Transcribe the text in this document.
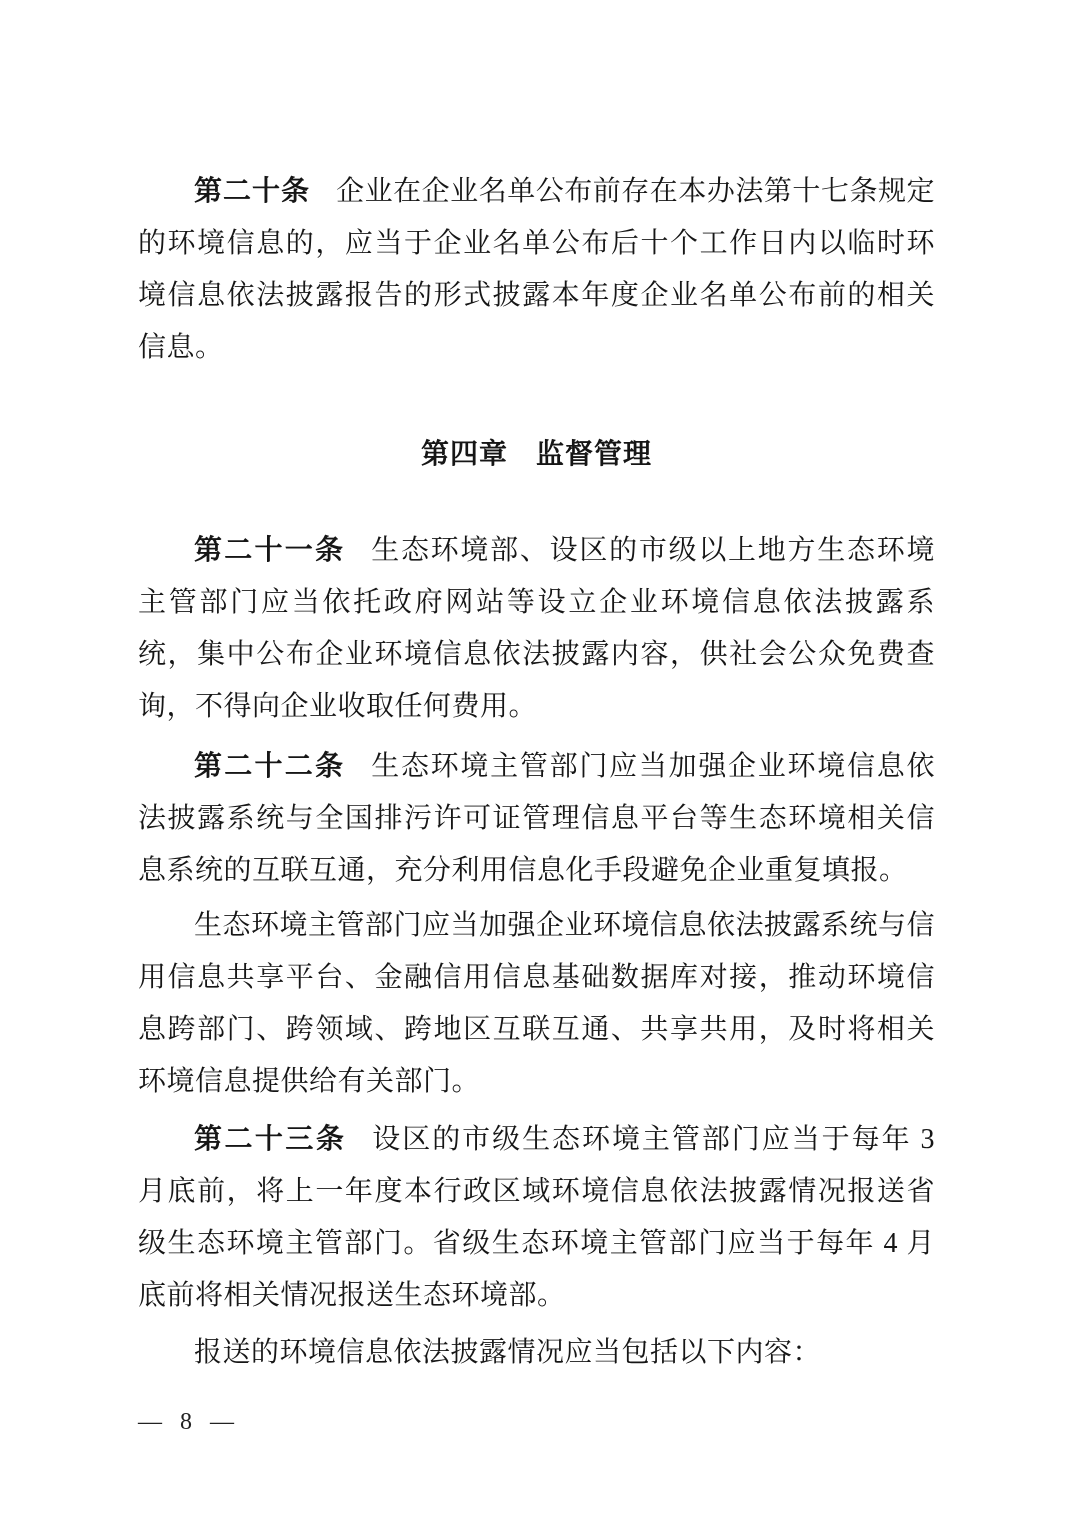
第二十条 企业在企业名单公布前存在本办法第十七条规定的环境信息的，应当于企业名单公布后十个工作日内以临时环境信息依法披露报告的形式披露本年度企业名单公布前的相关信息。

第四章 监督管理

第二十一条 生态环境部、设区的市级以上地方生态环境主管部门应当依托政府网站等设立企业环境信息依法披露系统，集中公布企业环境信息依法披露内容，供社会公众免费查询，不得向企业收取任何费用。

第二十二条 生态环境主管部门应当加强企业环境信息依法披露系统与全国排污许可证管理信息平台等生态环境相关信息系统的互联互通，充分利用信息化手段避免企业重复填报。

生态环境主管部门应当加强企业环境信息依法披露系统与信用信息共享平台、金融信用信息基础数据库对接，推动环境信息跨部门、跨领域、跨地区互联互通、共享共用，及时将相关环境信息提供给有关部门。

第二十三条 设区的市级生态环境主管部门应当于每年 3 月底前，将上一年度本行政区域环境信息依法披露情况报送省级生态环境主管部门。省级生态环境主管部门应当于每年 4 月底前将相关情况报送生态环境部。

报送的环境信息依法披露情况应当包括以下内容：

— 8 —
